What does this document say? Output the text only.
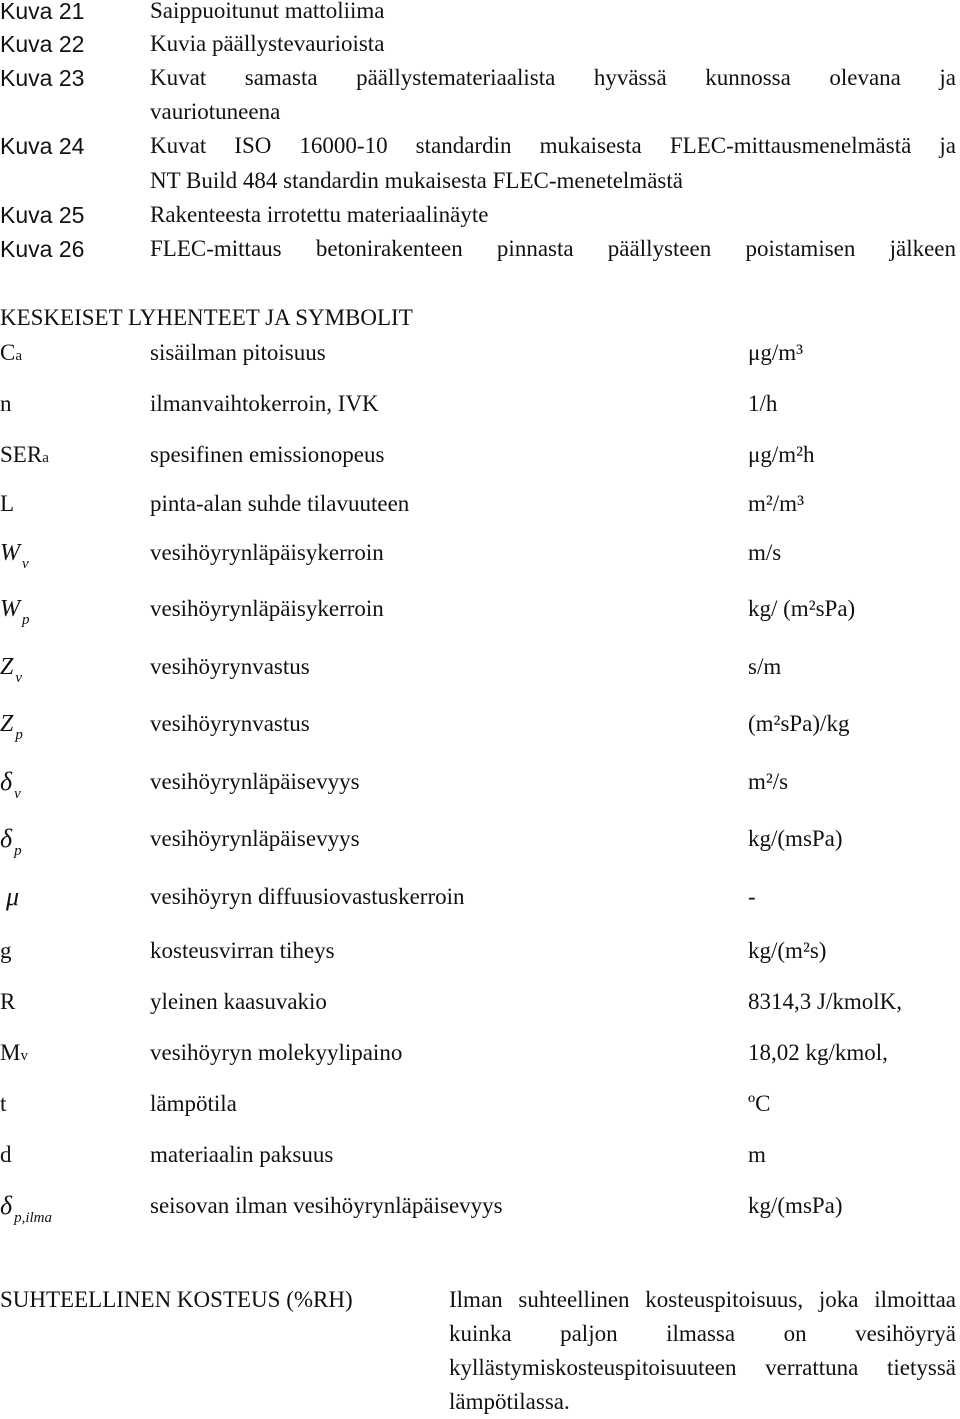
Kuva 21	Saippuoitunut mattoliima
Kuva 22	Kuvia päällystevaurioista
Kuva 23	Kuvat samasta päällystemateriaalista hyvässä kunnossa olevana ja
vauriotuneena
Kuva 24	Kuvat ISO 16000-10 standardin mukaisesta FLEC-mittausmenelmästä ja
NT Build 484 standardin mukaisesta FLEC-menetelmästä
Kuva 25	Rakenteesta irrotettu materiaalinäyte
Kuva 26	FLEC-mittaus betonirakenteen pinnasta päällysteen poistamisen jälkeen
KESKEISET LYHENTEET JA SYMBOLIT
Ca	sisäilman pitoisuus	μg/m³
n	ilmanvaihtokerroin, IVK	1/h
SERa	spesifinen emissionopeus	μg/m²h
L	pinta-alan suhde tilavuuteen	m²/m³
W $_v$	vesihöyrynläpäisykerroin	m/s
W $_p$	vesihöyrynläpäisykerroin	kg/ (m²sPa)
Z $_v$	vesihöyrynvastus	s/m
Z $_p$	vesihöyrynvastus	(m²sPa)/kg
δ $_v$	vesihöyrynläpäisevyys	m²/s
δ $_p$	vesihöyrynläpäisevyys	kg/(msPa)
μ	vesihöyryn diffuusiovastuskerroin	-
g	kosteusvirran tiheys	kg/(m²s)
R	yleinen kaasuvakio	8314,3 J/kmolK,
Mv	vesihöyryn molekyylipaino	18,02 kg/kmol,
t	lämpötila	ºC
d	materiaalin paksuus	m
δ $_{p,ilma}$	seisovan ilman vesihöyrynläpäisevyys	kg/(msPa)
SUHTEELLINEN KOSTEUS (%RH)	Ilman suhteellinen kosteuspitoisuus, joka ilmoittaa kuinka paljon ilmassa on vesihöyryä kyllästymiskosteuspitoisuuteen verrattuna tietyssä lämpötilassa.
